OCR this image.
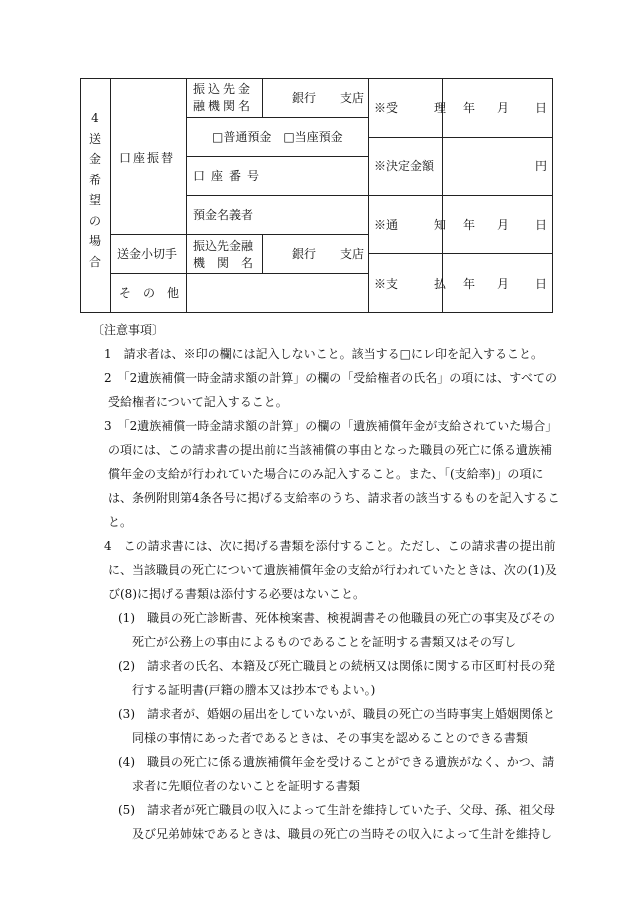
4
送
金
希
望
の
場
合
口座振替
振込先金
融機関名
銀行 支店
□普通預金　□当座預金
口座番号
預金名義者
送金小切手
振込先金融
機　関　名
銀行 支店
そ　の　他
※受　　　理 年 月 日
※決定金額	円
※通　　　知 年 月 日
※支　　　払 年 月 日
〔注意事項〕
1　請求者は、※印の欄には記入しないこと。該当する□にレ印を記入すること。
2　「2遺族補償一時金請求額の計算」の欄の「受給権者の氏名」の項には、すべての
受給権者について記入すること。
3　「2遺族補償一時金請求額の計算」の欄の「遺族補償年金が支給されていた場合」
の項には、この請求書の提出前に当該補償の事由となった職員の死亡に係る遺族補
償年金の支給が行われていた場合にのみ記入すること。また、「(支給率)」の項に
は、条例附則第4条各号に掲げる支給率のうち、請求者の該当するものを記入するこ
と。
4　この請求書には、次に掲げる書類を添付すること。ただし、この請求書の提出前
に、当該職員の死亡について遺族補償年金の支給が行われていたときは、次の(1)及
び(8)に掲げる書類は添付する必要はないこと。
(1)　職員の死亡診断書、死体検案書、検視調書その他職員の死亡の事実及びその
死亡が公務上の事由によるものであることを証明する書類又はその写し
(2)　請求者の氏名、本籍及び死亡職員との続柄又は関係に関する市区町村長の発
行する証明書(戸籍の謄本又は抄本でもよい。)
(3)　請求者が、婚姻の届出をしていないが、職員の死亡の当時事実上婚姻関係と
同様の事情にあった者であるときは、その事実を認めることのできる書類
(4)　職員の死亡に係る遺族補償年金を受けることができる遺族がなく、かつ、請
求者に先順位者のないことを証明する書類
(5)　請求者が死亡職員の収入によって生計を維持していた子、父母、孫、祖父母
及び兄弟姉妹であるときは、職員の死亡の当時その収入によって生計を維持し
